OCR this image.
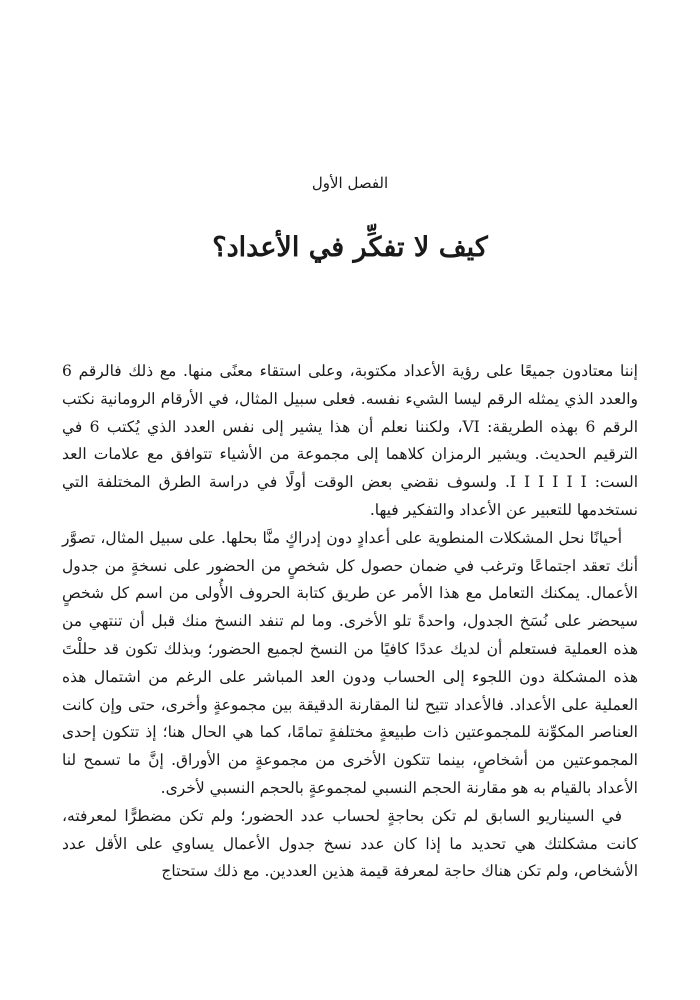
الفصل الأول
كيف لا تفكِّر في الأعداد؟

إننا معتادون جميعًا على رؤية الأعداد مكتوبة، وعلى استقاء معنًى منها. مع ذلك فالرقم 6 والعدد الذي يمثله الرقم ليسا الشيء نفسه. فعلى سبيل المثال، في الأرقام الرومانية نكتب الرقم 6 بهذه الطريقة: VI، ولكننا نعلم أن هذا يشير إلى نفس العدد الذي يُكتب 6 في الترقيم الحديث. ويشير الرمزان كلاهما إلى مجموعة من الأشياء تتوافق مع علامات العد الست: I I I I I I. ولسوف نقضي بعض الوقت أولًا في دراسة الطرق المختلفة التي نستخدمها للتعبير عن الأعداد والتفكير فيها.

أحيانًا نحل المشكلات المنطوية على أعدادٍ دون إدراكٍ منَّا بحلها. على سبيل المثال، تصوَّر أنك تعقد اجتماعًا وترغب في ضمان حصول كل شخصٍ من الحضور على نسخةٍ من جدول الأعمال. يمكنك التعامل مع هذا الأمر عن طريق كتابة الحروف الأُولى من اسم كل شخصٍ سيحضر على نُسَخ الجدول، واحدةً تلو الأخرى. وما لم تنفد النسخ منك قبل أن تنتهي من هذه العملية فستعلم أن لديك عددًا كافيًا من النسخ لجميع الحضور؛ وبذلك تكون قد حللْتَ هذه المشكلة دون اللجوء إلى الحساب ودون العد المباشر على الرغم من اشتمال هذه العملية على الأعداد. فالأعداد تتيح لنا المقارنة الدقيقة بين مجموعةٍ وأخرى، حتى وإن كانت العناصر المكوِّنة للمجموعتين ذات طبيعةٍ مختلفةٍ تمامًا، كما هي الحال هنا؛ إذ تتكون إحدى المجموعتين من أشخاصٍ، بينما تتكون الأخرى من مجموعةٍ من الأوراق. إنَّ ما تسمح لنا الأعداد بالقيام به هو مقارنة الحجم النسبي لمجموعةٍ بالحجم النسبي لأخرى.

في السيناريو السابق لم تكن بحاجةٍ لحساب عدد الحضور؛ ولم تكن مضطرًّا لمعرفته، كانت مشكلتك هي تحديد ما إذا كان عدد نسخ جدول الأعمال يساوي على الأقل عدد الأشخاص، ولم تكن هناك حاجة لمعرفة قيمة هذين العددين. مع ذلك ستحتاج
